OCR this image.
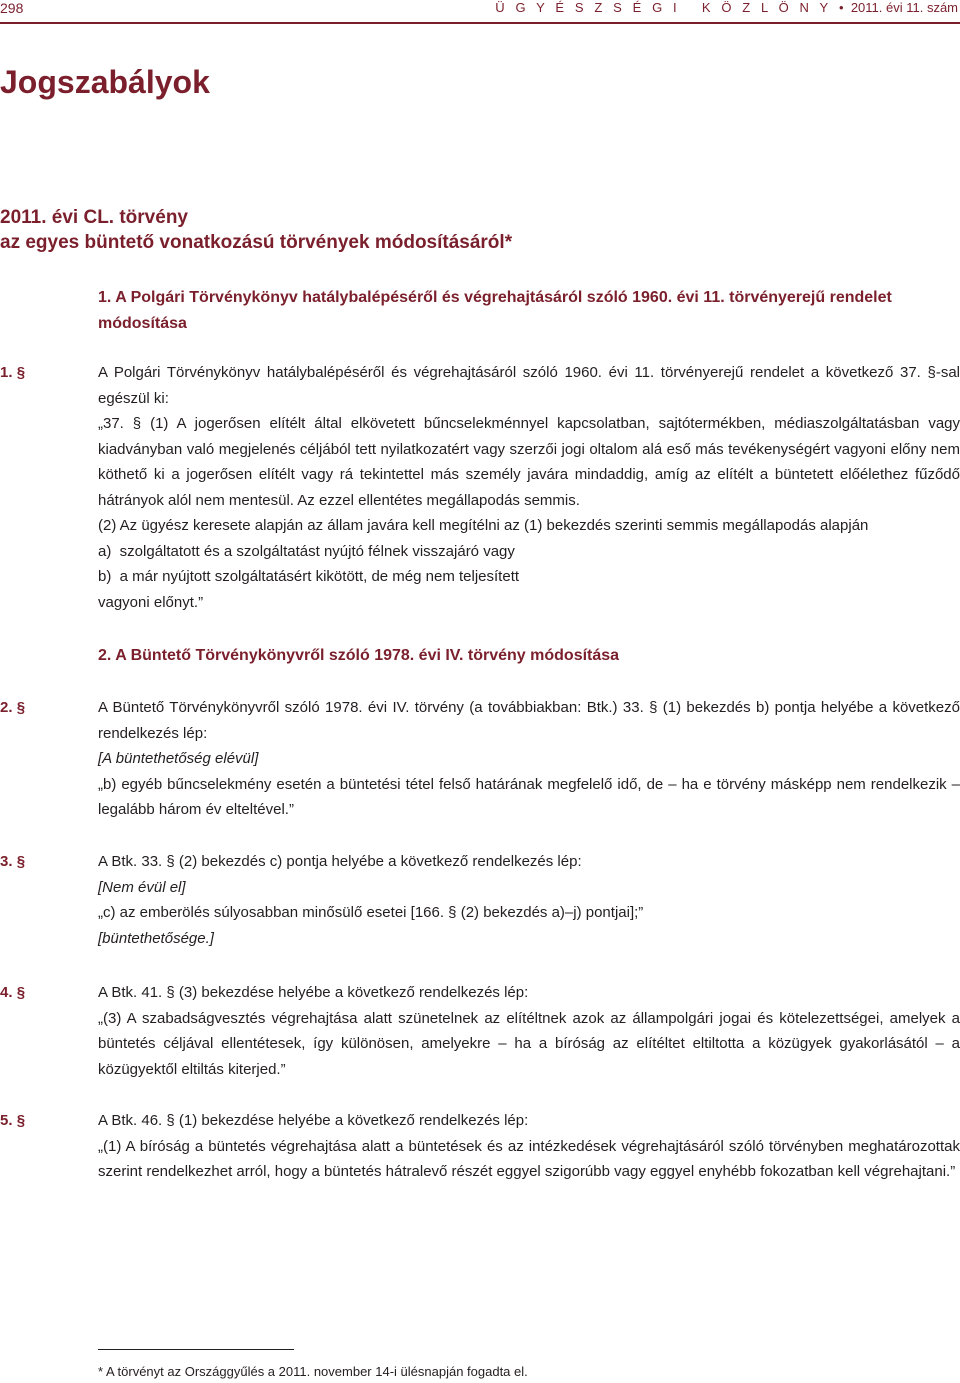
298	Ü G Y É S Z S É G I   K Ö Z L Ö N Y • 2011. évi 11. szám
Jogszabályok
2011. évi CL. törvény
az egyes büntető vonatkozású törvények módosításáról*
1. A Polgári Törvénykönyv hatálybalépéséről és végrehajtásáról szóló 1960. évi 11. törvényerejű rendelet módosítása
1. §	A Polgári Törvénykönyv hatálybalépéséről és végrehajtásáról szóló 1960. évi 11. törvényerejű rendelet a következő 37. §-sal egészül ki:

„37. § (1) A jogerősen elítélt által elkövetett bűncselekménnyel kapcsolatban, sajtótermékben, médiaszolgáltatásban vagy kiadványban való megjelenés céljából tett nyilatkozatért vagy szerzői jogi oltalom alá eső más tevékenységért vagyoni előny nem köthető ki a jogerősen elítélt vagy rá tekintettel más személy javára mindaddig, amíg az elítélt a büntetett előélethez fűződő hátrányok alól nem mentesül. Az ezzel ellentétes megállapodás semmis.

(2) Az ügyész keresete alapján az állam javára kell megítélni az (1) bekezdés szerinti semmis megállapodás alapján

a)  szolgáltatott és a szolgáltatást nyújtó félnek visszajáró vagy

b)  a már nyújtott szolgáltatásért kikötött, de még nem teljesített

vagyoni előnyt.”

2. A Büntető Törvénykönyvről szóló 1978. évi IV. törvény módosítása
2. §	A Büntető Törvénykönyvről szóló 1978. évi IV. törvény (a továbbiakban: Btk.) 33. § (1) bekezdés b) pontja helyébe a következő rendelkezés lép:

[A büntethetőség elévül]

„b) egyéb bűncselekmény esetén a büntetési tétel felső határának megfelelő idő, de – ha e törvény másképp nem rendelkezik – legalább három év elteltével.”

3. §	A Btk. 33. § (2) bekezdés c) pontja helyébe a következő rendelkezés lép:

[Nem évül el]

„c) az emberölés súlyosabban minősülő esetei [166. § (2) bekezdés a)–j) pontjai];”

[büntethetősége.]

4. §	A Btk. 41. § (3) bekezdése helyébe a következő rendelkezés lép:

„(3) A szabadságvesztés végrehajtása alatt szünetelnek az elítéltnek azok az állampolgári jogai és kötelezettségei, amelyek a büntetés céljával ellentétesek, így különösen, amelyekre – ha a bíróság az elítéltet eltiltotta a közügyek gyakorlásától – a közügyektől eltiltás kiterjed.”

5. §	A Btk. 46. § (1) bekezdése helyébe a következő rendelkezés lép:

„(1) A bíróság a büntetés végrehajtása alatt a büntetések és az intézkedések végrehajtásáról szóló törvényben meghatározottak szerint rendelkezhet arról, hogy a büntetés hátralevő részét eggyel szigorúbb vagy eggyel enyhébb fokozatban kell végrehajtani.”

* A törvényt az Országgyűlés a 2011. november 14-i ülésnapján fogadta el.
